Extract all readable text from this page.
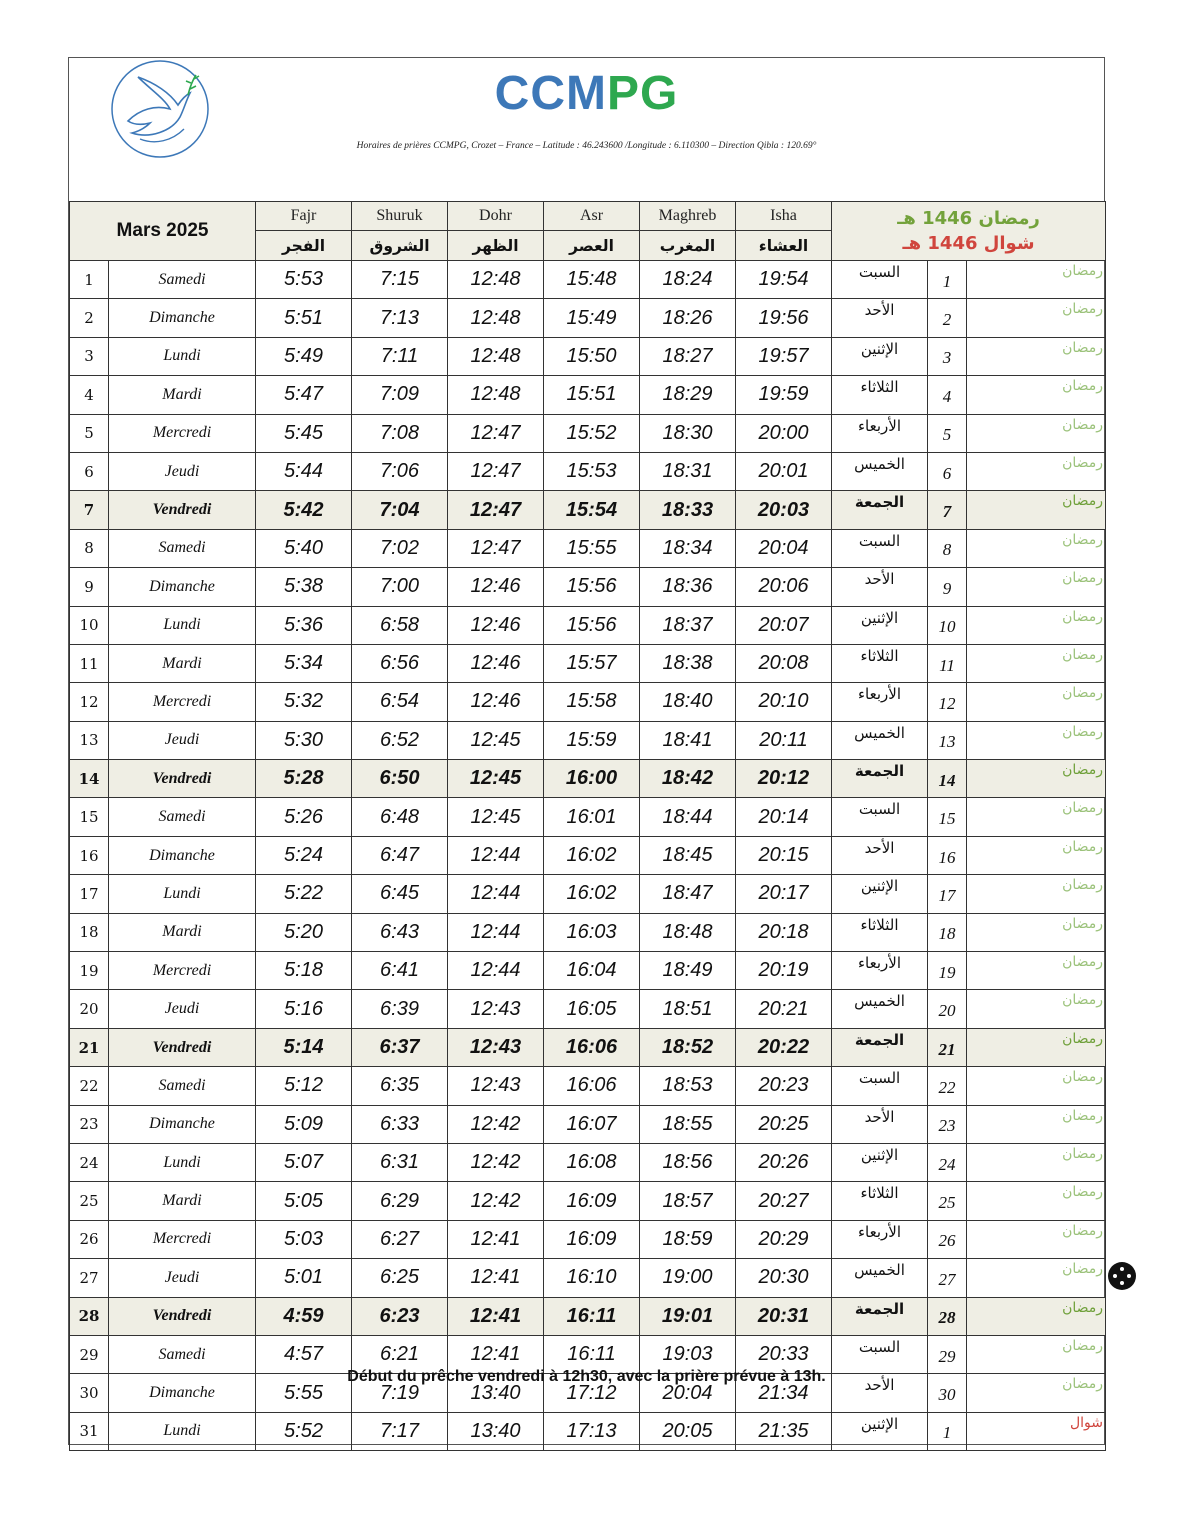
CCMPG
Horaires de prières CCMPG, Crozet – France – Latitude : 46.243600 /Longitude : 6.110300 – Direction Qibla : 120.69°
Mars 2025		Fajr	Shuruk	Dohr	Asr	Maghreb	Isha	رمضان 1446 هـ
شوال 1446 هـ		

		الفجر	الشروق	الظهر	العصر	المغرب	العشاء			
1	Samedi	5:53	7:15	12:48	15:48	18:24	19:54	السبت	1	رمضان
2	Dimanche	5:51	7:13	12:48	15:49	18:26	19:56	الأحد	2	رمضان
3	Lundi	5:49	7:11	12:48	15:50	18:27	19:57	الإثنين	3	رمضان
4	Mardi	5:47	7:09	12:48	15:51	18:29	19:59	الثلاثاء	4	رمضان
5	Mercredi	5:45	7:08	12:47	15:52	18:30	20:00	الأربعاء	5	رمضان
6	Jeudi	5:44	7:06	12:47	15:53	18:31	20:01	الخميس	6	رمضان
7	Vendredi	5:42	7:04	12:47	15:54	18:33	20:03	الجمعة	7	رمضان
8	Samedi	5:40	7:02	12:47	15:55	18:34	20:04	السبت	8	رمضان
9	Dimanche	5:38	7:00	12:46	15:56	18:36	20:06	الأحد	9	رمضان
10	Lundi	5:36	6:58	12:46	15:56	18:37	20:07	الإثنين	10	رمضان
11	Mardi	5:34	6:56	12:46	15:57	18:38	20:08	الثلاثاء	11	رمضان
12	Mercredi	5:32	6:54	12:46	15:58	18:40	20:10	الأربعاء	12	رمضان
13	Jeudi	5:30	6:52	12:45	15:59	18:41	20:11	الخميس	13	رمضان
14	Vendredi	5:28	6:50	12:45	16:00	18:42	20:12	الجمعة	14	رمضان
15	Samedi	5:26	6:48	12:45	16:01	18:44	20:14	السبت	15	رمضان
16	Dimanche	5:24	6:47	12:44	16:02	18:45	20:15	الأحد	16	رمضان
17	Lundi	5:22	6:45	12:44	16:02	18:47	20:17	الإثنين	17	رمضان
18	Mardi	5:20	6:43	12:44	16:03	18:48	20:18	الثلاثاء	18	رمضان
19	Mercredi	5:18	6:41	12:44	16:04	18:49	20:19	الأربعاء	19	رمضان
20	Jeudi	5:16	6:39	12:43	16:05	18:51	20:21	الخميس	20	رمضان
21	Vendredi	5:14	6:37	12:43	16:06	18:52	20:22	الجمعة	21	رمضان
22	Samedi	5:12	6:35	12:43	16:06	18:53	20:23	السبت	22	رمضان
23	Dimanche	5:09	6:33	12:42	16:07	18:55	20:25	الأحد	23	رمضان
24	Lundi	5:07	6:31	12:42	16:08	18:56	20:26	الإثنين	24	رمضان
25	Mardi	5:05	6:29	12:42	16:09	18:57	20:27	الثلاثاء	25	رمضان
26	Mercredi	5:03	6:27	12:41	16:09	18:59	20:29	الأربعاء	26	رمضان
27	Jeudi	5:01	6:25	12:41	16:10	19:00	20:30	الخميس	27	رمضان
28	Vendredi	4:59	6:23	12:41	16:11	19:01	20:31	الجمعة	28	رمضان
29	Samedi	4:57	6:21	12:41	16:11	19:03	20:33	السبت	29	رمضان
30	Dimanche	5:55	7:19	13:40	17:12	20:04	21:34	الأحد	30	رمضان
31	Lundi	5:52	7:17	13:40	17:13	20:05	21:35	الإثنين	1	شوال
Début du prêche vendredi à 12h30, avec la prière prévue à 13h.
